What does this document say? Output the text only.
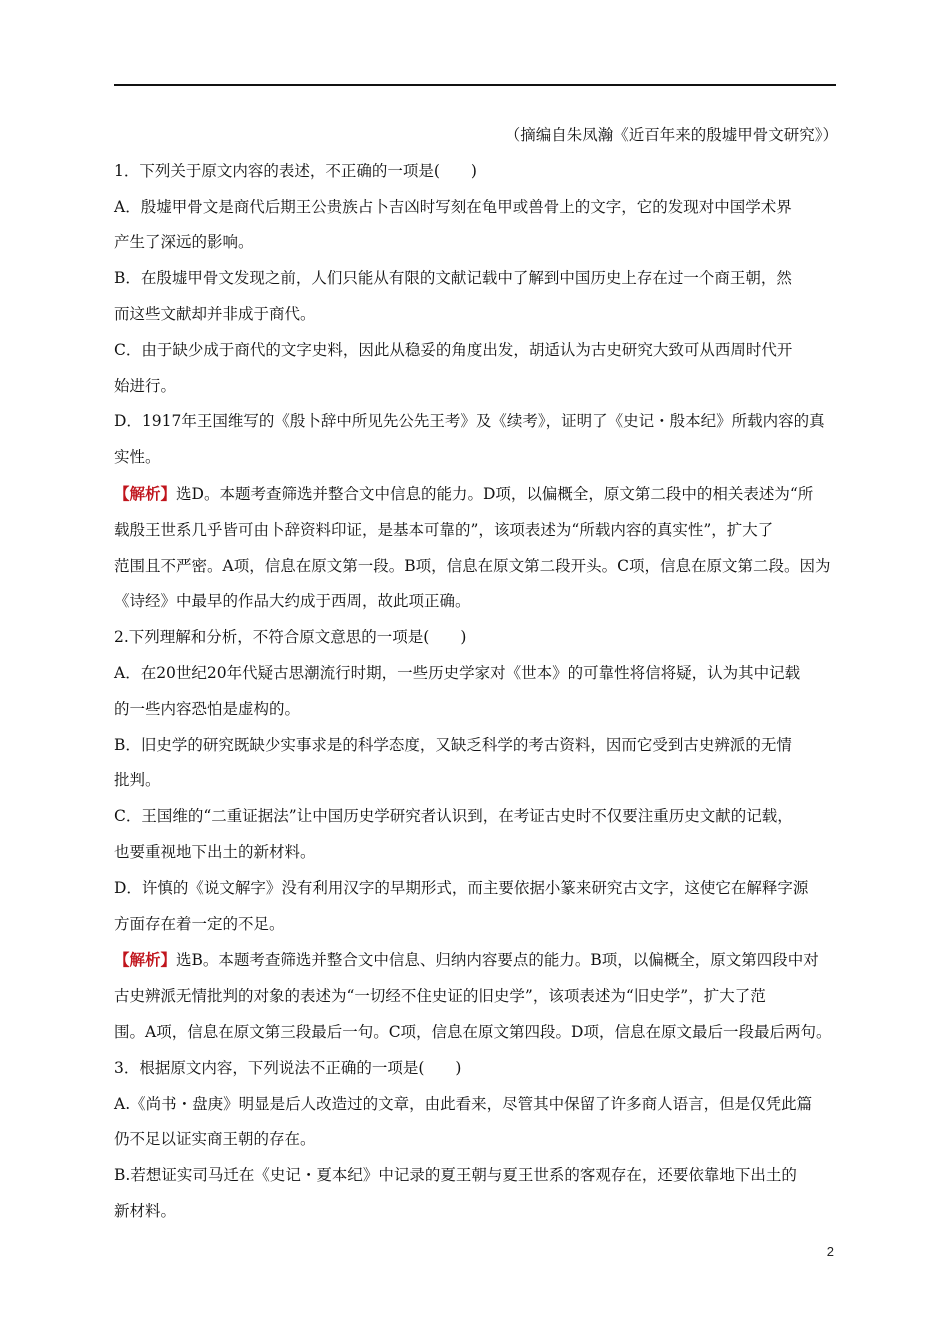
（摘编自朱凤瀚《近百年来的殷墟甲骨文研究》）
1．下列关于原文内容的表述，不正确的一项是(　　)
A．殷墟甲骨文是商代后期王公贵族占卜吉凶时写刻在龟甲或兽骨上的文字，它的发现对中国学术界
产生了深远的影响。
B．在殷墟甲骨文发现之前，人们只能从有限的文献记载中了解到中国历史上存在过一个商王朝，然
而这些文献却并非成于商代。
C．由于缺少成于商代的文字史料，因此从稳妥的角度出发，胡适认为古史研究大致可从西周时代开
始进行。
D．1917年王国维写的《殷卜辞中所见先公先王考》及《续考》，证明了《史记・殷本纪》所载内容的真
实性。
【解析】选D。本题考查筛选并整合文中信息的能力。D项，以偏概全，原文第二段中的相关表述为“所
载殷王世系几乎皆可由卜辞资料印证，是基本可靠的”，该项表述为“所载内容的真实性”，扩大了
范围且不严密。A项，信息在原文第一段。B项，信息在原文第二段开头。C项，信息在原文第二段。因为
《诗经》中最早的作品大约成于西周，故此项正确。
2.下列理解和分析，不符合原文意思的一项是(　　)
A．在20世纪20年代疑古思潮流行时期，一些历史学家对《世本》的可靠性将信将疑，认为其中记载
的一些内容恐怕是虚构的。
B．旧史学的研究既缺少实事求是的科学态度，又缺乏科学的考古资料，因而它受到古史辨派的无情
批判。
C．王国维的“二重证据法”让中国历史学研究者认识到，在考证古史时不仅要注重历史文献的记载，
也要重视地下出土的新材料。
D．许慎的《说文解字》没有利用汉字的早期形式，而主要依据小篆来研究古文字，这使它在解释字源
方面存在着一定的不足。
【解析】选B。本题考查筛选并整合文中信息、归纳内容要点的能力。B项，以偏概全，原文第四段中对
古史辨派无情批判的对象的表述为“一切经不住史证的旧史学”，该项表述为“旧史学”，扩大了范
围。A项，信息在原文第三段最后一句。C项，信息在原文第四段。D项，信息在原文最后一段最后两句。
3．根据原文内容，下列说法不正确的一项是(　　)
A.《尚书・盘庚》明显是后人改造过的文章，由此看来，尽管其中保留了许多商人语言，但是仅凭此篇
仍不足以证实商王朝的存在。
B.若想证实司马迁在《史记・夏本纪》中记录的夏王朝与夏王世系的客观存在，还要依靠地下出土的
新材料。
2
